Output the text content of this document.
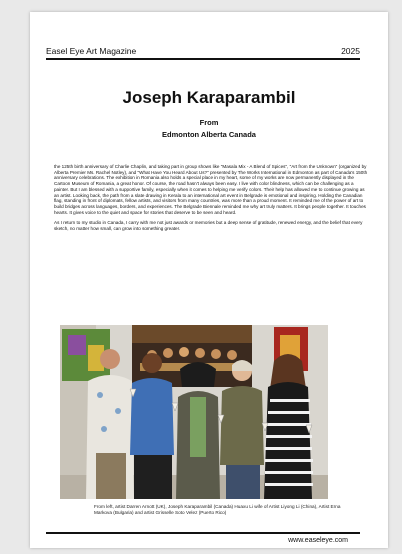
Easel Eye Art Magazine	2025
Joseph Karaparambil
From
Edmonton Alberta Canada

the 125th birth anniversary of Charlie Chaplin, and taking part in group shows like "Masala Mix - A Blend of Spices", "Art from the Unknown" (organized by Alberta Premier Ms. Rachel Notley), and "What Have You Heard About Us?" presented by The Works International in Edmonton as part of Canada's 150th anniversary celebrations. The exhibition in Romania also holds a special place in my heart, some of my works are now permanently displayed in the Cartoon Museum of Romania, a great honor. Of course, the road hasn't always been easy. I live with color blindness, which can be challenging as a painter. But I am blessed with a supportive family, especially when it comes to helping me verify colors. Their help has allowed me to continue growing as an artist. Looking back, the path from a slate drawing in Kerala to an international art event in Belgrade is emotional and inspiring. Holding the Canadian flag, standing in front of diplomats, fellow artists, and visitors from many countries, was more than a proud moment. It reminded me of the power of art to build bridges across languages, borders, and experiences. The Belgrade Biennale reminded me why art truly matters. It brings people together. It touches hearts. It gives voice to the quiet and space for stories that deserve to be seen and heard.

As I return to my studio in Canada, I carry with me not just awards or memories but a deep sense of gratitude, renewed energy, and the belief that every sketch, no matter how small, can grow into something greater.

From left, artist Darren Arnott (UK), Joseph Karaparambil (Canada) Huaxu Li wife of Artist Liyong Li (China), Artist Erna Markova (Bulgaria) and artist Grisselle Soto Velez (Puerto Rico)
www.easeleye.com
